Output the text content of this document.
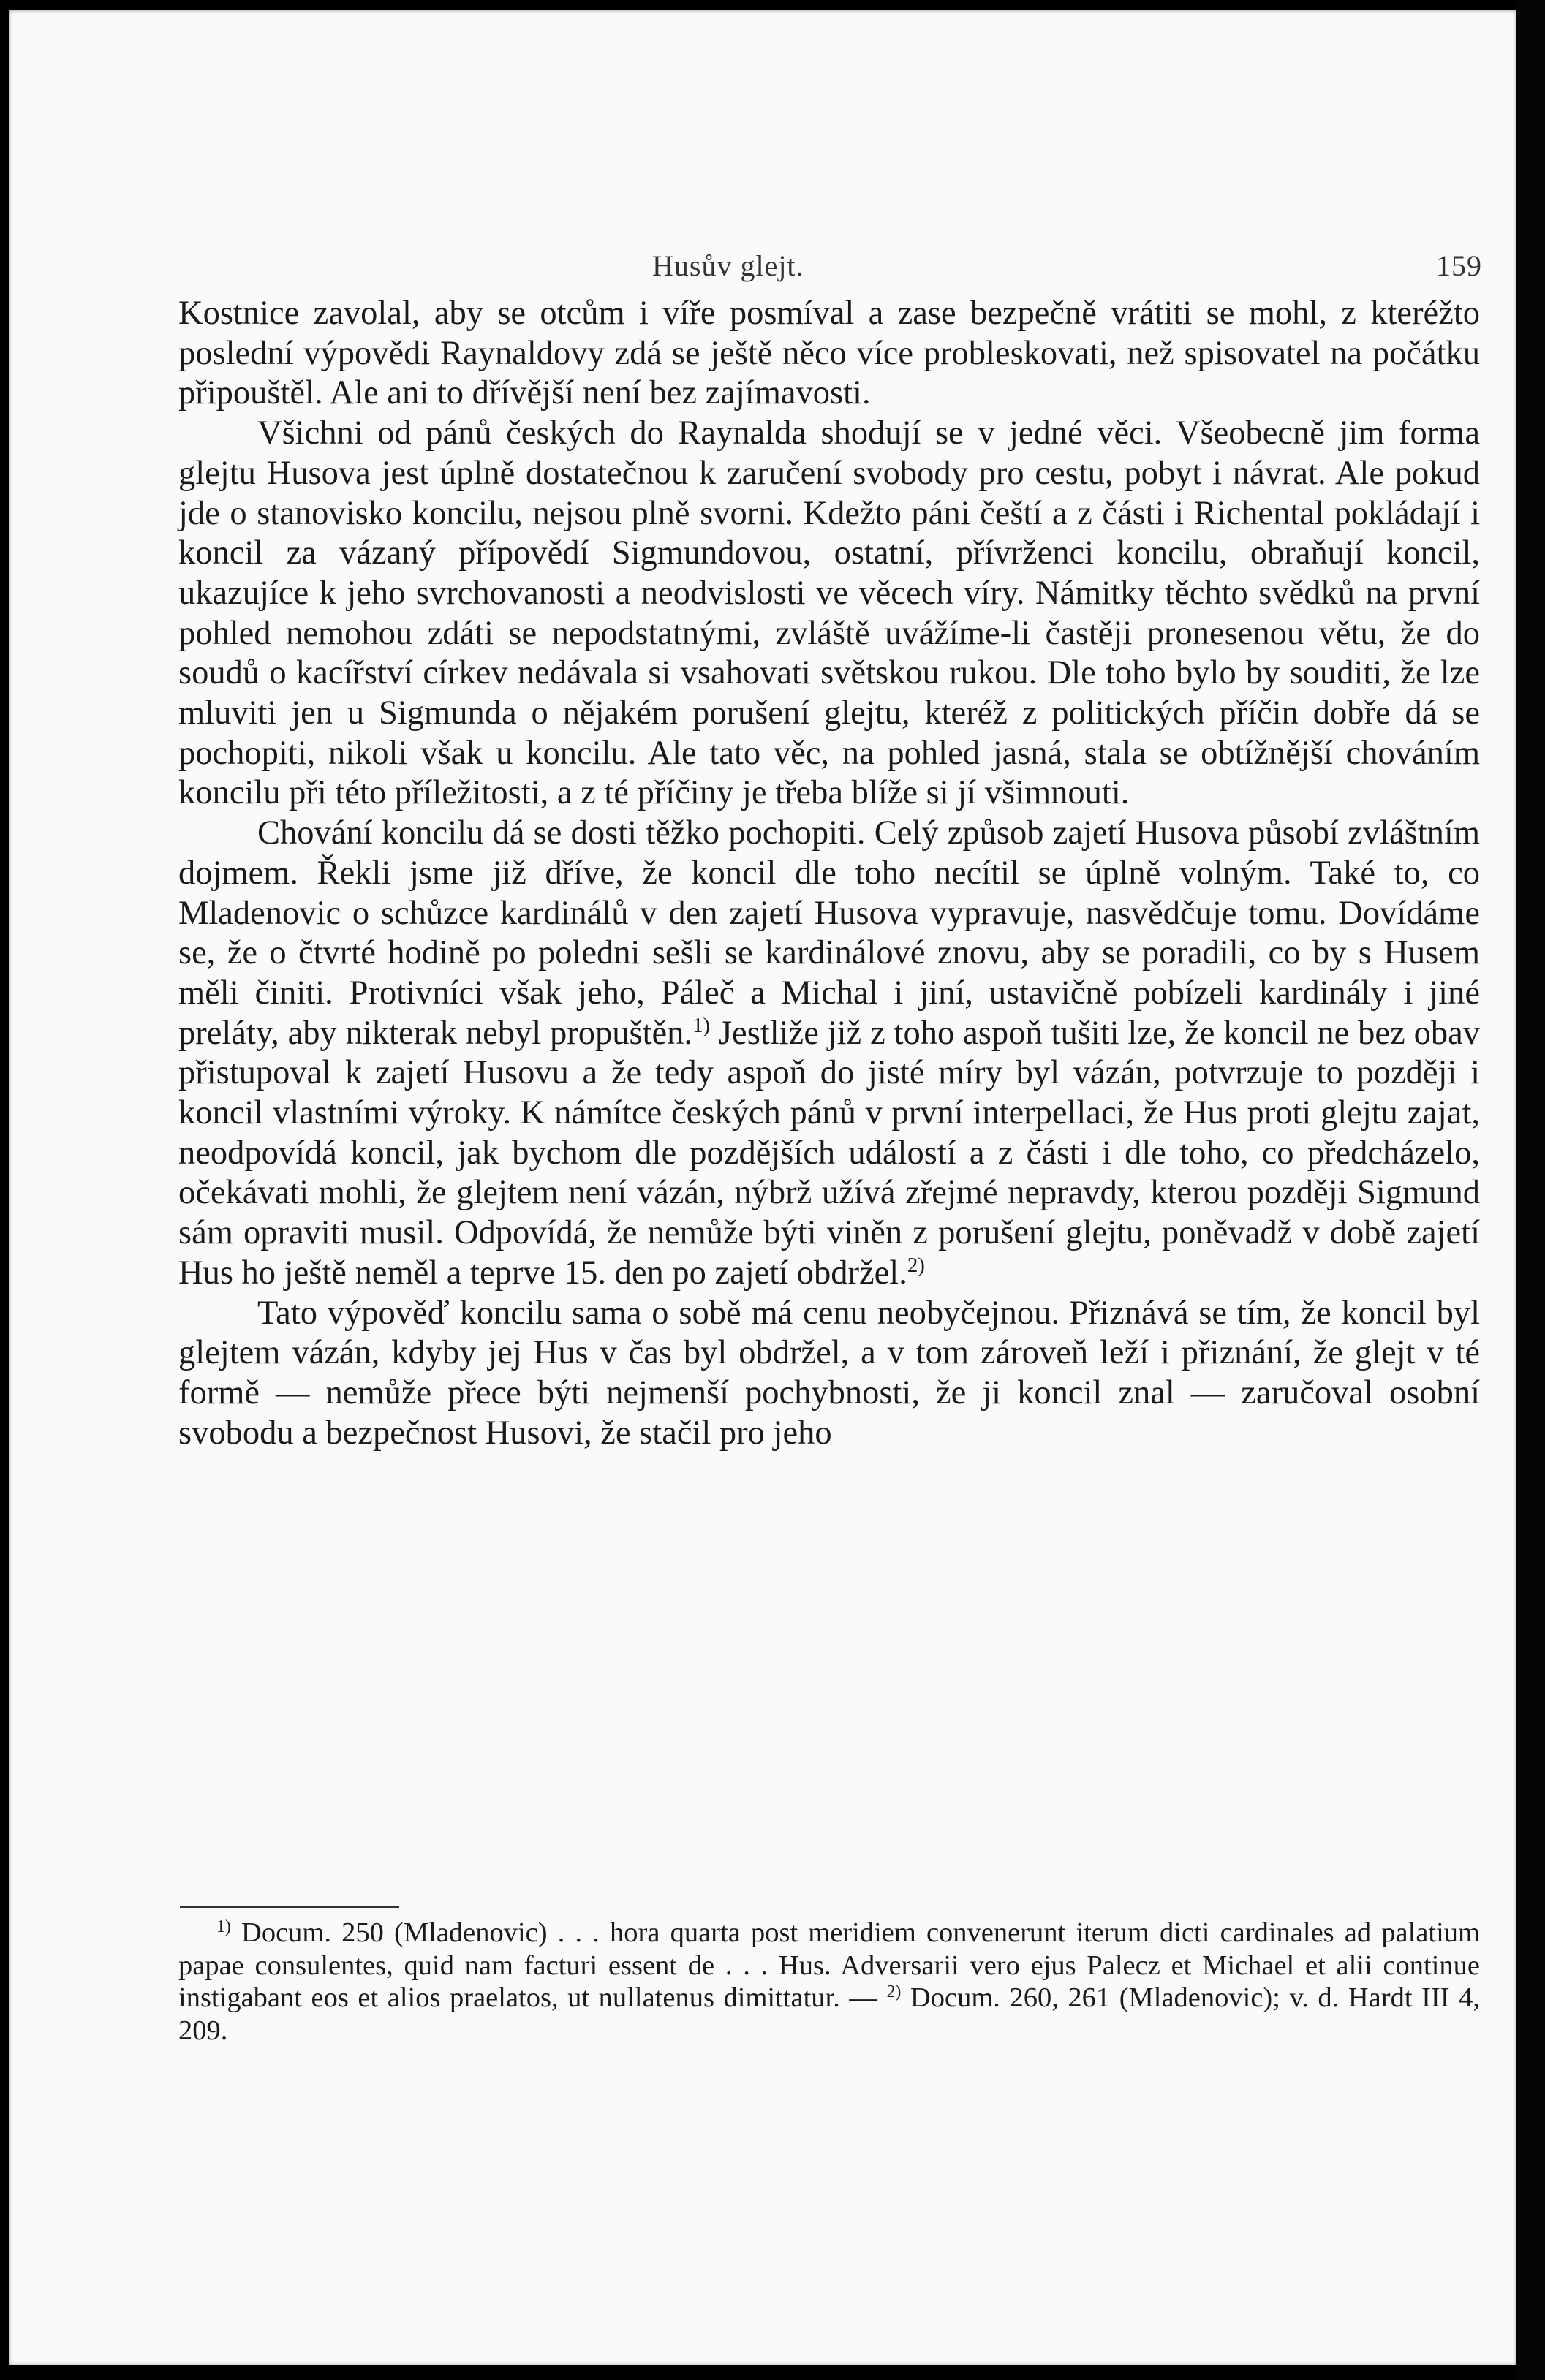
Husův glejt.	159

Kostnice zavolal, aby se otcům i víře posmíval a zase bezpečně vrátiti se mohl, z kteréžto poslední výpovědi Raynaldovy zdá se ještě něco více probleskovati, než spisovatel na počátku připouštěl. Ale ani to dřívější není bez zajímavosti.

Všichni od pánů českých do Raynalda shodují se v jedné věci. Všeobecně jim forma glejtu Husova jest úplně dostatečnou k zaručení svobody pro cestu, pobyt i návrat. Ale pokud jde o stanovisko koncilu, nejsou plně svorni. Kdežto páni čeští a z části i Richental pokládají i koncil za vázaný přípovědí Sigmundovou, ostatní, přívrženci koncilu, obraňují koncil, ukazujíce k jeho svrchovanosti a neodvislosti ve věcech víry. Námitky těchto svědků na první pohled nemohou zdáti se nepodstatnými, zvláště uvážíme-li častěji pronesenou větu, že do soudů o kacířství církev nedávala si vsahovati světskou rukou. Dle toho bylo by souditi, že lze mluviti jen u Sigmunda o nějakém porušení glejtu, kteréž z politických příčin dobře dá se pochopiti, nikoli však u koncilu. Ale tato věc, na pohled jasná, stala se obtížnější chováním koncilu při této příležitosti, a z té příčiny je třeba blíže si jí všimnouti.

Chování koncilu dá se dosti těžko pochopiti. Celý způsob zajetí Husova působí zvláštním dojmem. Řekli jsme již dříve, že koncil dle toho necítil se úplně volným. Také to, co Mladenovic o schůzce kardinálů v den zajetí Husova vypravuje, nasvědčuje tomu. Dovídáme se, že o čtvrté hodině po poledni sešli se kardinálové znovu, aby se poradili, co by s Husem měli činiti. Protivníci však jeho, Páleč a Michal i jiní, ustavičně pobízeli kardinály i jiné preláty, aby nikterak nebyl propuštěn.$^{1)}$ Jestliže již z toho aspoň tušiti lze, že koncil ne bez obav přistupoval k zajetí Husovu a že tedy aspoň do jisté míry byl vázán, potvrzuje to později i koncil vlastními výroky. K námítce českých pánů v první interpellaci, že Hus proti glejtu zajat, neodpovídá koncil, jak bychom dle pozdějších událostí a z části i dle toho, co předcházelo, očekávati mohli, že glejtem není vázán, nýbrž užívá zřejmé nepravdy, kterou později Sigmund sám opraviti musil. Odpovídá, že nemůže býti viněn z porušení glejtu, poněvadž v době zajetí Hus ho ještě neměl a teprve 15. den po zajetí obdržel.$^{2)}$

Tato výpověď koncilu sama o sobě má cenu neobyčejnou. Přiznává se tím, že koncil byl glejtem vázán, kdyby jej Hus v čas byl obdržel, a v tom zároveň leží i přiznání, že glejt v té formě — nemůže přece býti nejmenší pochybnosti, že ji koncil znal — zaručoval osobní svobodu a bezpečnost Husovi, že stačil pro jeho

$^{1)}$ Docum. 250 (Mladenovic) . . . hora quarta post meridiem convenerunt iterum dicti cardinales ad palatium papae consulentes, quid nam facturi essent de . . . Hus. Adversarii vero ejus Palecz et Michael et alii continue instigabant eos et alios praelatos, ut nullatenus dimittatur. — $^{2)}$ Docum. 260, 261 (Mladenovic); v. d. Hardt III 4, 209.
